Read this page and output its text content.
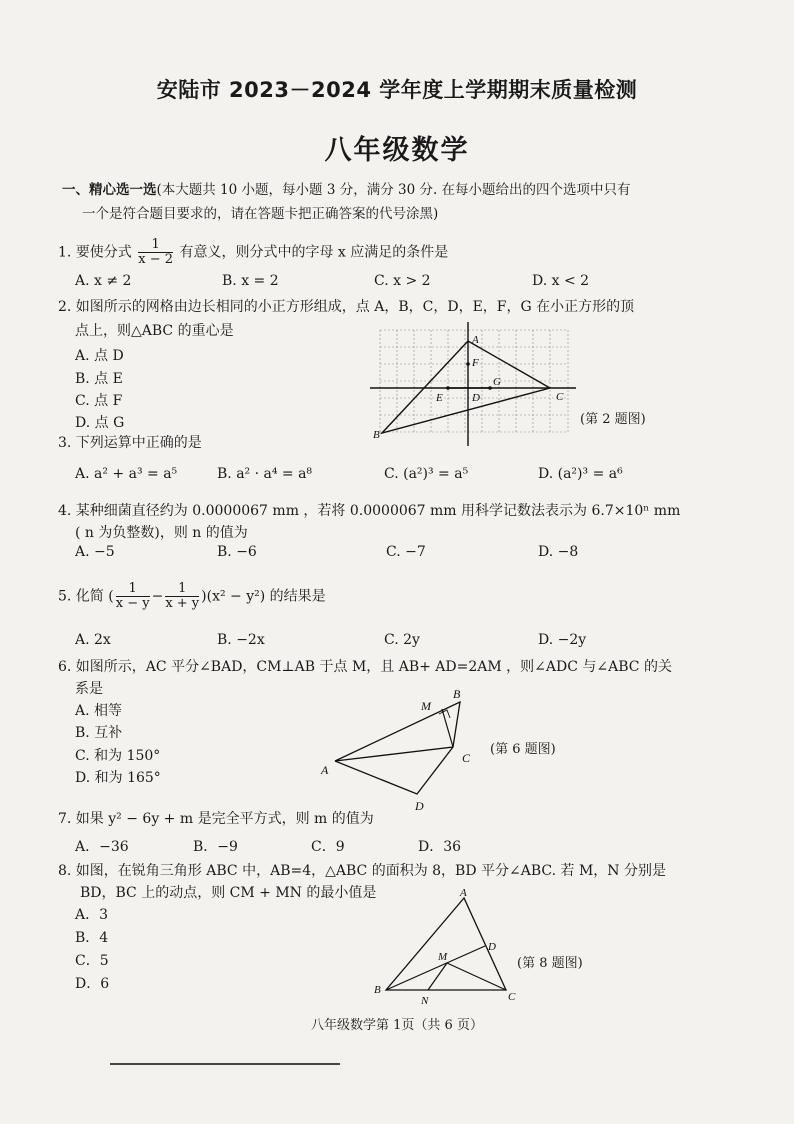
安陆市 2023－2024 学年度上学期期末质量检测
八年级数学
一、精心选一选(本大题共 10 小题，每小题 3 分，满分 30 分. 在每小题给出的四个选项中只有
一个是符合题目要求的，请在答题卡把正确答案的代号涂黑)
1. 要使分式 $\frac{1}{x - 2}$ 有意义，则分式中的字母 x 应满足的条件是
A. x ≠ 2	B. x = 2	C. x > 2	D. x < 2
2. 如图所示的网格由边长相同的小正方形组成，点 A，B，C，D，E，F，G 在小正方形的顶
点上，则△ABC 的重心是
A. 点 D
B. 点 E
C. 点 F
D. 点 G
A
B
C
D
E
F
G
(第 2 题图)
3. 下列运算中正确的是
A. a² + a³ = a⁵	B. a² · a⁴ = a⁸	C. (a²)³ = a⁵	D. (a²)³ = a⁶
4. 某种细菌直径约为 0.0000067 mm ，若将 0.0000067 mm 用科学记数法表示为 6.7×10ⁿ mm
( n 为负整数)，则 n 的值为
A. −5	B. −6	C. −7	D. −8
5. 化简 ( $\frac{1}{x - y} - \frac{1}{x + y} )(x^2 - y^2)$ 的结果是
A. 2x	B. −2x	C. 2y	D. −2y
6. 如图所示，AC 平分∠BAD，CM⊥AB 于点 M，且 AB+ AD=2AM ，则∠ADC 与∠ABC 的关
系是
A. 相等
B. 互补
C. 和为 150°
D. 和为 165°	A
B
C
D
M
(第 6 题图)
7. 如果 y² − 6y + m 是完全平方式，则 m 的值为
A．−36	B．−9	C．9	D．36
8. 如图，在锐角三角形 ABC 中，AB=4，△ABC 的面积为 8，BD 平分∠ABC. 若 M，N 分别是
BD，BC 上的动点，则 CM + MN 的最小值是
A．3
B．4
C．5
D．6
A
B
C
D
M
N
(第 8 题图)
八年级数学第 1页（共 6 页）
